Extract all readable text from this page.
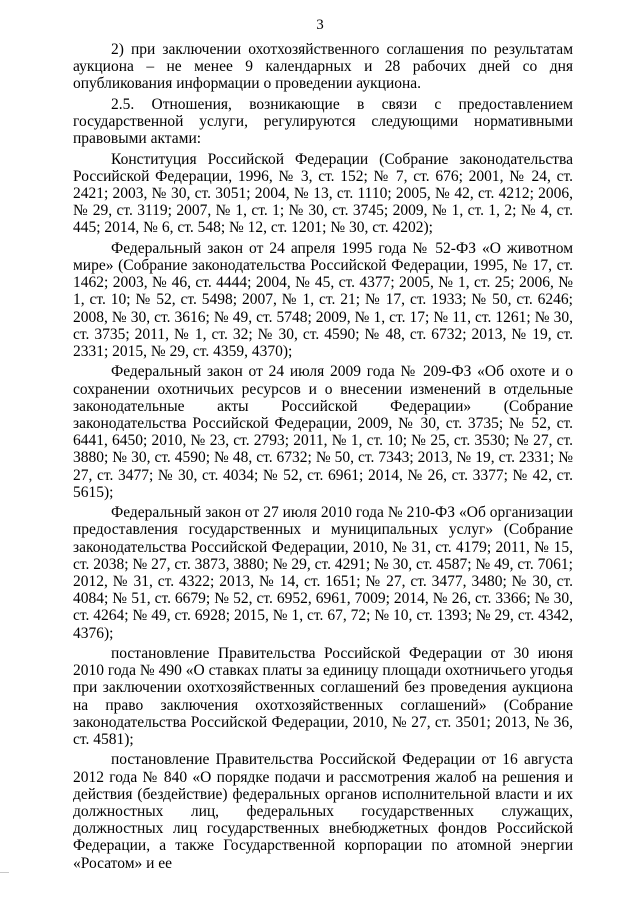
3

2) при заключении охотхозяйственного соглашения по результатам аукциона – не менее 9 календарных и 28 рабочих дней со дня опубликования информации о проведении аукциона.

2.5. Отношения, возникающие в связи с предоставлением государственной услуги, регулируются следующими нормативными правовыми актами:

Конституция Российской Федерации (Собрание законодательства Российской Федерации, 1996, № 3, ст. 152; № 7, ст. 676; 2001, № 24, ст. 2421; 2003, № 30, ст. 3051; 2004, № 13, ст. 1110; 2005, № 42, ст. 4212; 2006, № 29, ст. 3119; 2007, № 1, ст. 1; № 30, ст. 3745; 2009, № 1, ст. 1, 2; № 4, ст. 445; 2014, № 6, ст. 548; № 12, ст. 1201; № 30, ст. 4202);

Федеральный закон от 24 апреля 1995 года № 52-ФЗ «О животном мире» (Собрание законодательства Российской Федерации, 1995, № 17, ст. 1462; 2003, № 46, ст. 4444; 2004, № 45, ст. 4377; 2005, № 1, ст. 25; 2006, № 1, ст. 10; № 52, ст. 5498; 2007, № 1, ст. 21; № 17, ст. 1933; № 50, ст. 6246; 2008, № 30, ст. 3616; № 49, ст. 5748; 2009, № 1, ст. 17; № 11, ст. 1261; № 30, ст. 3735; 2011, № 1, ст. 32; № 30, ст. 4590; № 48, ст. 6732; 2013, № 19, ст. 2331; 2015, № 29, ст. 4359, 4370);

Федеральный закон от 24 июля 2009 года № 209-ФЗ «Об охоте и о сохранении охотничьих ресурсов и о внесении изменений в отдельные законодательные акты Российской Федерации» (Собрание законодательства Российской Федерации, 2009, № 30, ст. 3735; № 52, ст. 6441, 6450; 2010, № 23, ст. 2793; 2011, № 1, ст. 10; № 25, ст. 3530; № 27, ст. 3880; № 30, ст. 4590; № 48, ст. 6732; № 50, ст. 7343; 2013, № 19, ст. 2331; № 27, ст. 3477; № 30, ст. 4034; № 52, ст. 6961; 2014, № 26, ст. 3377; № 42, ст. 5615);

Федеральный закон от 27 июля 2010 года № 210-ФЗ «Об организации предоставления государственных и муниципальных услуг» (Собрание законодательства Российской Федерации, 2010, № 31, ст. 4179; 2011, № 15, ст. 2038; № 27, ст. 3873, 3880; № 29, ст. 4291; № 30, ст. 4587; № 49, ст. 7061; 2012, № 31, ст. 4322; 2013, № 14, ст. 1651; № 27, ст. 3477, 3480; № 30, ст. 4084; № 51, ст. 6679; № 52, ст. 6952, 6961, 7009; 2014, № 26, ст. 3366; № 30, ст. 4264; № 49, ст. 6928; 2015, № 1, ст. 67, 72; № 10, ст. 1393; № 29, ст. 4342, 4376);

постановление Правительства Российской Федерации от 30 июня 2010 года № 490 «О ставках платы за единицу площади охотничьего угодья при заключении охотхозяйственных соглашений без проведения аукциона на право заключения охотхозяйственных соглашений» (Собрание законодательства Российской Федерации, 2010, № 27, ст. 3501; 2013, № 36, ст. 4581);

постановление Правительства Российской Федерации от 16 августа 2012 года № 840 «О порядке подачи и рассмотрения жалоб на решения и действия (бездействие) федеральных органов исполнительной власти и их должностных лиц, федеральных государственных служащих, должностных лиц государственных внебюджетных фондов Российской Федерации, а также Государственной корпорации по атомной энергии «Росатом» и ее
